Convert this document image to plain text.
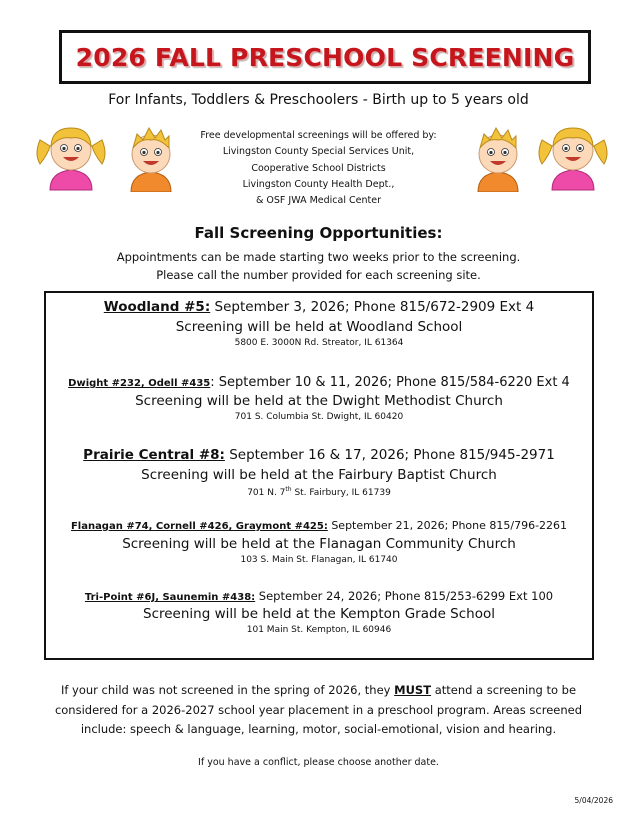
2026 FALL PRESCHOOL SCREENING
For Infants, Toddlers & Preschoolers - Birth up to 5 years old
Free developmental screenings will be offered by:
Livingston County Special Services Unit,
Cooperative School Districts
Livingston County Health Dept.,
& OSF JWA Medical Center
Fall Screening Opportunities:
Appointments can be made starting two weeks prior to the screening.
Please call the number provided for each screening site.
Woodland #5: September 3, 2026; Phone 815/672-2909 Ext 4
Screening will be held at Woodland School
5800 E. 3000N Rd. Streator, IL 61364
Dwight #232, Odell #435: September 10 & 11, 2026; Phone 815/584-6220 Ext 4
Screening will be held at the Dwight Methodist Church
701 S. Columbia St. Dwight, IL 60420
Prairie Central #8: September 16 & 17, 2026; Phone 815/945-2971
Screening will be held at the Fairbury Baptist Church
701 N. 7th St. Fairbury, IL 61739
Flanagan #74, Cornell #426, Graymont #425: September 21, 2026; Phone 815/796-2261
Screening will be held at the Flanagan Community Church
103 S. Main St. Flanagan, IL 61740
Tri-Point #6J, Saunemin #438: September 24, 2026; Phone 815/253-6299 Ext 100
Screening will be held at the Kempton Grade School
101 Main St. Kempton, IL 60946
If your child was not screened in the spring of 2026, they MUST attend a screening to be considered for a 2026-2027 school year placement in a preschool program. Areas screened include: speech & language, learning, motor, social-emotional, vision and hearing.
If you have a conflict, please choose another date.
5/04/2026
